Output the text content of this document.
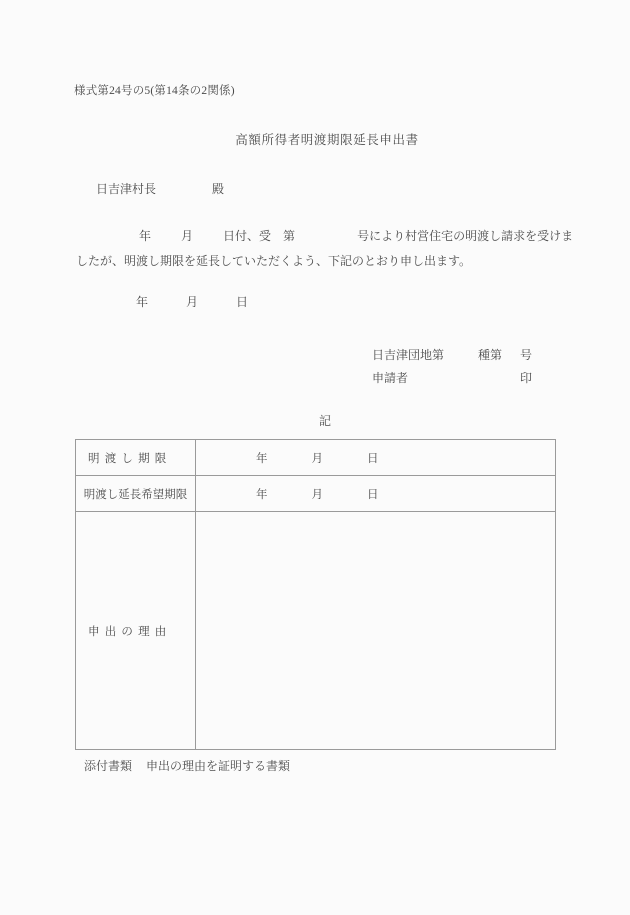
様式第24号の5(第14条の2関係)
高額所得者明渡期限延長申出書
日吉津村長	殿
年	月	日付、受 第	号により村営住宅の明渡し請求を受けま
したが、明渡し期限を延長していただくよう、下記のとおり申し出ます。
年	月	日
日吉津団地第	種第 号
申請者	印
記
明渡し期限	年 月 日

明渡し延長希望期限	年 月 日

申出の理由	

添付書類 申出の理由を証明する書類
